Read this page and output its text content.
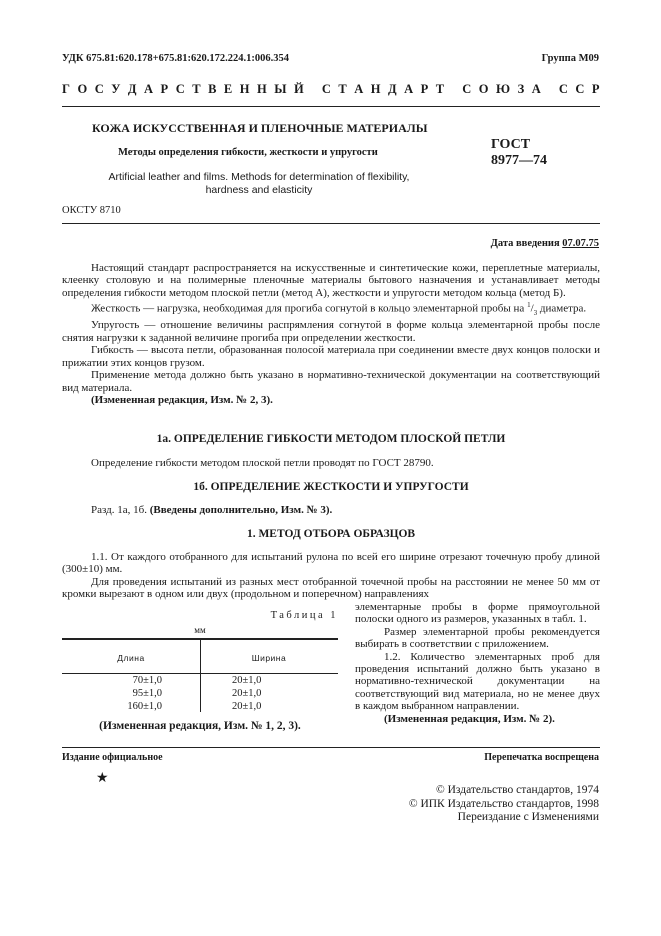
УДК 675.81:620.178+675.81:620.172.224.1:006.354	Группа М09
Г О С У Д А Р С Т В Е Н Н Ы Й
С Т А Н Д А Р Т
С О Ю З А
С С Р
КОЖА ИСКУССТВЕННАЯ И ПЛЕНОЧНЫЕ МАТЕРИАЛЫ
Методы определения гибкости, жесткости и упругости
ГОСТ
8977—74
Artificial leather and films. Methods for determination of flexibility, hardness and elasticity
ОКСТУ 8710
Дата введения 07.07.75

Настоящий стандарт распространяется на искусственные и синтетические кожи, переплетные материалы, клеенку столовую и на полимерные пленочные материалы бытового назначения и устанавливает методы определения гибкости методом плоской петли (метод А), жесткости и упругости методом кольца (метод Б).

Жесткость — нагрузка, необходимая для прогиба согнутой в кольцо элементарной пробы на $^1/_3$ диаметра.

Упругость — отношение величины распрямления согнутой в форме кольца элементарной пробы после снятия нагрузки к заданной величине прогиба при определении жесткости.

Гибкость — высота петли, образованная полосой материала при соединении вместе двух концов полоски и прижатии этих концов грузом.

Применение метода должно быть указано в нормативно-технической документации на соответствующий вид материала.

(Измененная редакция, Изм. № 2, 3).

1а. ОПРЕДЕЛЕНИЕ ГИБКОСТИ МЕТОДОМ ПЛОСКОЙ ПЕТЛИ

Определение гибкости методом плоской петли проводят по ГОСТ 28790.

1б. ОПРЕДЕЛЕНИЕ ЖЕСТКОСТИ И УПРУГОСТИ

Разд. 1а, 1б. (Введены дополнительно, Изм. № 3).

1. МЕТОД ОТБОРА ОБРАЗЦОВ

1.1. От каждого отобранного для испытаний рулона по всей его ширине отрезают точечную пробу длиной (300±10) мм.

Для проведения испытаний из разных мест отобранной точечной пробы на расстоянии не менее 50 мм от кромки вырезают в одном или двух (продольном и поперечном) направлениях

элементарные пробы в форме прямоугольной полоски одного из размеров, указанных в табл. 1.

Размер элементарной пробы рекомендуется выбирать в соответствии с приложением.

1.2. Количество элементарных проб для проведения испытаний должно быть указано в нормативно-технической документации на соответствующий вид материала, но не менее двух в каждом выбранном направлении.

(Измененная редакция, Изм. № 2).

Таблица 1
мм
Длина	Ширина
70±1,0	20±1,0
95±1,0	20±1,0
160±1,0	20±1,0
(Измененная редакция, Изм. № 1, 2, 3).
Издание официальное	Перепечатка воспрещена
★
© Издательство стандартов, 1974
© ИПК Издательство стандартов, 1998
Переиздание с Изменениями
